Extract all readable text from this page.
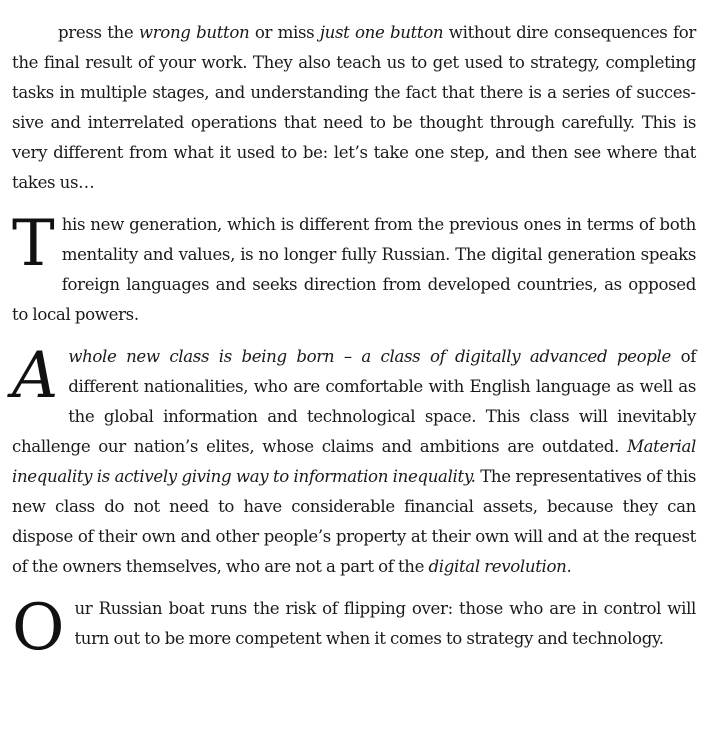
press the wrong button or miss just one button without dire consequences for the final result of your work. They also teach us to get used to strategy, completing tasks in multiple stages, and understanding the fact that there is a series of successive and interrelated operations that need to be thought through carefully. This is very different from what it used to be: let’s take one step, and then see where that takes us…

This new generation, which is different from the previous ones in terms of both mentality and values, is no longer fully Russian. The digital generation speaks foreign languages and seeks direction from developed countries, as opposed to local powers.

A whole new class is being born – a class of digitally advanced people of different nationalities, who are comfortable with English language as well as the global information and technological space. This class will inevitably challenge our nation’s elites, whose claims and ambitions are outdated. Material inequality is actively giving way to information inequality. The representatives of this new class do not need to have considerable financial assets, because they can dispose of their own and other people’s property at their own will and at the request of the owners themselves, who are not a part of the digital revolution.

Our Russian boat runs the risk of flipping over: those who are in control will turn out to be more competent when it comes to strategy and technology.
